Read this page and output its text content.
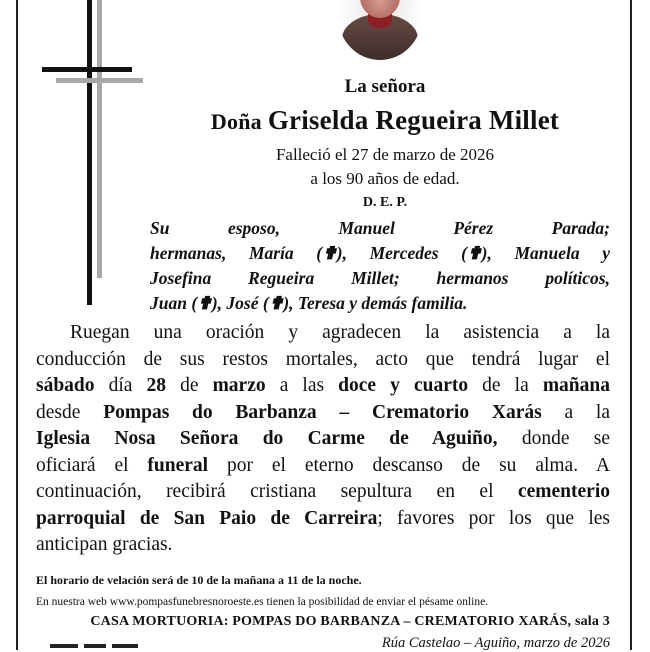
La señora
Doña Griselda Regueira Millet
Falleció el 27 de marzo de 2026
a los 90 años de edad.
D. E. P.
Su esposo, Manuel Pérez Parada;
hermanas, María (✟), Mercedes (✟), Manuela y
Josefina Regueira Millet; hermanos políticos,
Juan (✟), José (✟), Teresa y demás familia.
Ruegan una oración y agradecen la asistencia a la
conducción de sus restos mortales, acto que tendrá lugar el
sábado día 28 de marzo a las doce y cuarto de la mañana
desde Pompas do Barbanza – Crematorio Xarás a la
Iglesia Nosa Señora do Carme de Aguiño, donde se
oficiará el funeral por el eterno descanso de su alma. A
continuación, recibirá cristiana sepultura en el cementerio
parroquial de San Paio de Carreira; favores por los que les
anticipan gracias.
El horario de velación será de 10 de la mañana a 11 de la noche.
En nuestra web www.pompasfunebresnoroeste.es tienen la posibilidad de enviar el pésame online.
CASA MORTUORIA: POMPAS DO BARBANZA – CREMATORIO XARÁS, sala 3
Rúa Castelao – Aguiño, marzo de 2026
